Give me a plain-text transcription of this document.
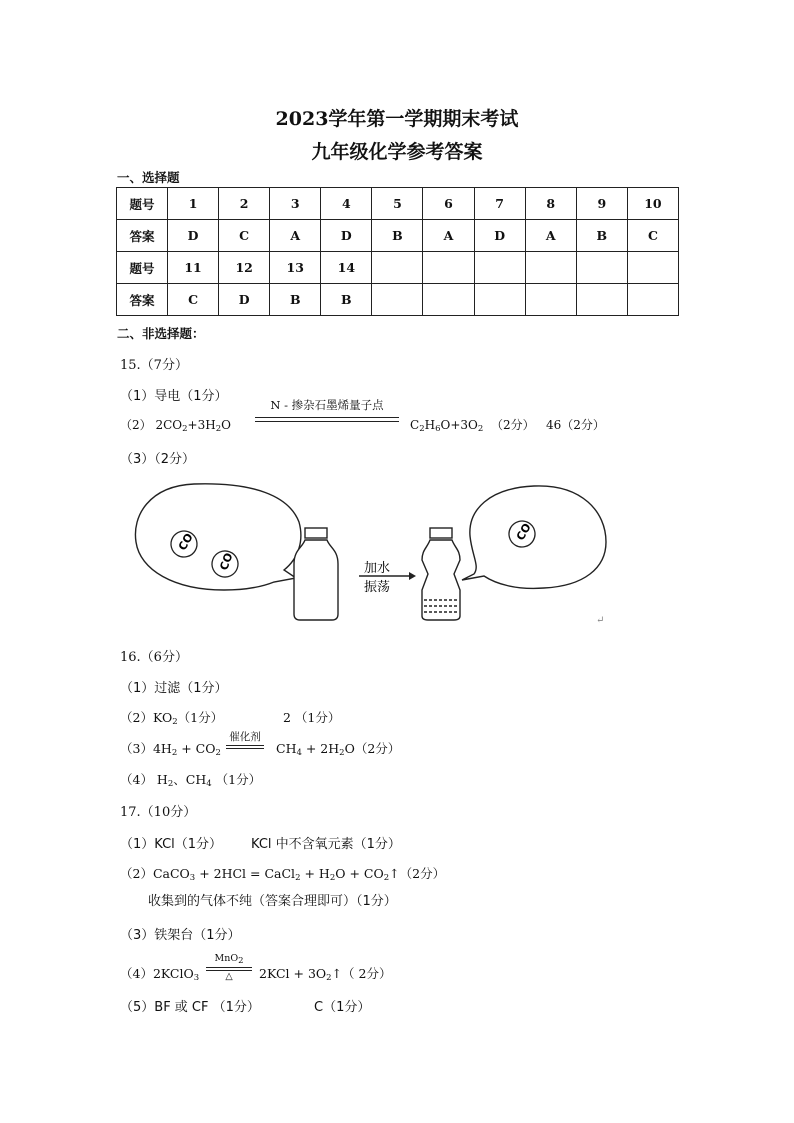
2023学年第一学期期末考试
九年级化学参考答案
一、选择题
题号	1	2	3	4	5	6	7	8	9	10
答案	D	C	A	D	B	A	D	A	B	C
题号	11	12	13	14						
答案	C	D	B	B						
二、非选择题：
15.（7分）
（1）导电（1分）
（2） $2CO_2+3H_2O$
N - 掺杂石墨烯量子点
$C_2H_6O+3O_2$ （2分） 46（2分）
（3）（2分）
CO
CO	加水
振荡
CO
↵
16.（6分）
（1）过滤（1分）
$(2)KO_2(1$分）	2 （1分）
$(3)4H_2 + CO_2$
催化剂
$CH_4 + 2H_2O(2$分）
（4） $H_2$、$CH_4$ （1分）
17.（10分）
（1）KCl（1分） KCl 中不含氧元素（1分）
（2）CaCO$_3$ + 2HCl = CaCl$_2$ + $H_2O$ + $CO_2↑(2$分）
收集到的气体不纯（答案合理即可）（1分）
（3）铁架台（1分）
（4）2KClO$_3$
MnO$_2$
△	$2KCl + 3O_2↑$（ 2分）
（5）BF 或 CF （1分）	C（1分）
